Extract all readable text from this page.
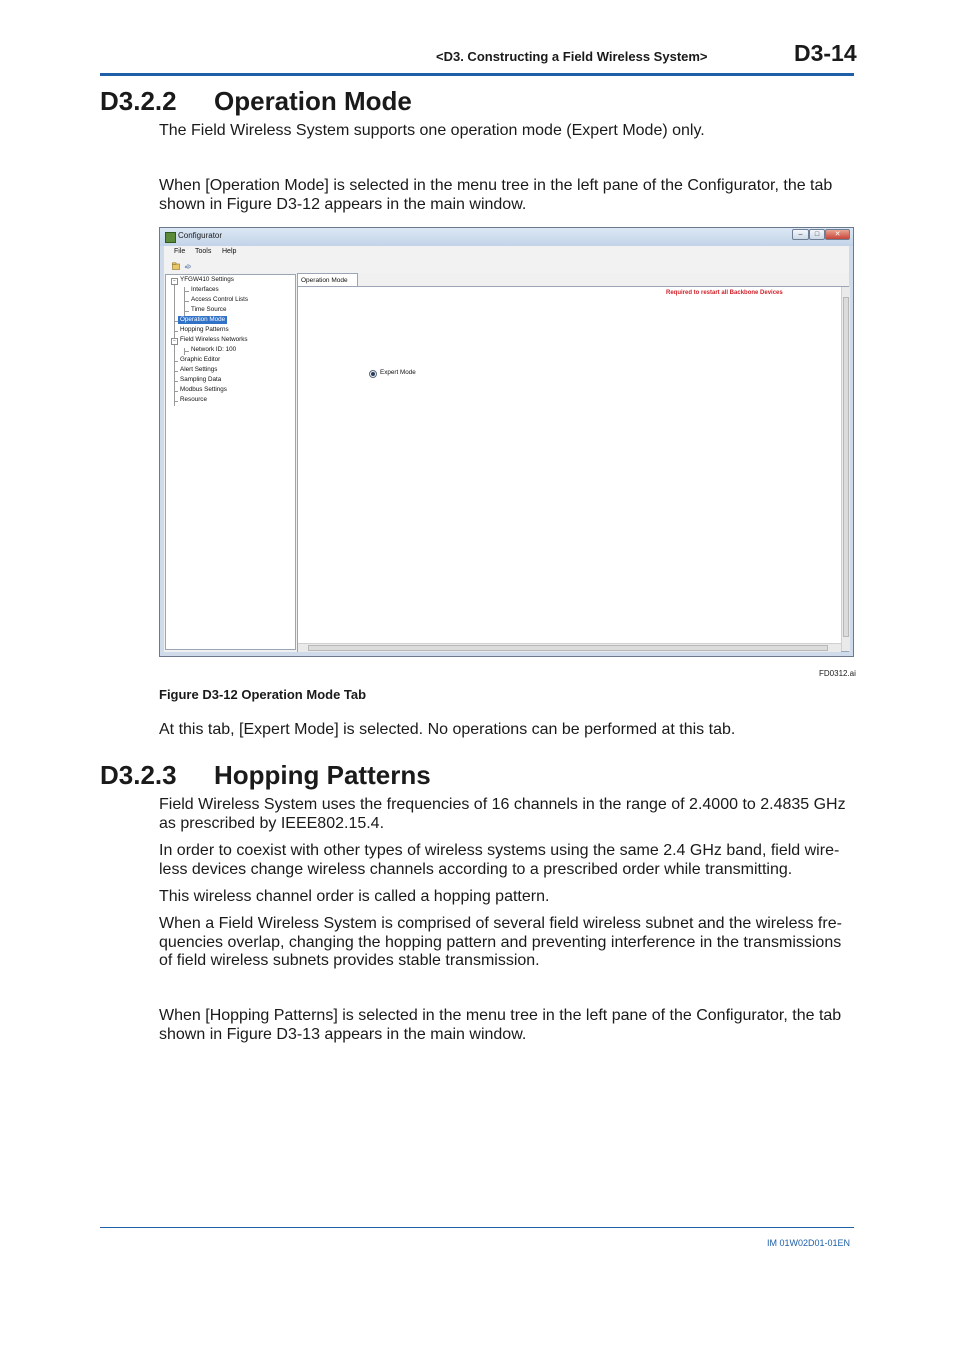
<D3. Constructing a Field Wireless System>	D3-14
D3.2.2 Operation Mode
The Field Wireless System supports one operation mode (Expert Mode) only.
When [Operation Mode] is selected in the menu tree in the left pane of the Configurator, the tab
shown in Figure D3-12 appears in the main window.
Configurator	–	□	✕
File Tools Help
− YFGW410 Settings
Interfaces
Access Control Lists
Time Source
Operation Mode
Hopping Patterns
− Field Wireless Networks
Network ID: 100
Graphic Editor
Alert Settings
Sampling Data
Modbus Settings
Resource
Operation Mode
Required to restart all Backbone Devices
Expert Mode
FD0312.ai
Figure D3-12 Operation Mode Tab
At this tab, [Expert Mode] is selected. No operations can be performed at this tab.
D3.2.3 Hopping Patterns
Field Wireless System uses the frequencies of 16 channels in the range of 2.4000 to 2.4835 GHz
as prescribed by IEEE802.15.4.
In order to coexist with other types of wireless systems using the same 2.4 GHz band, field wire-
less devices change wireless channels according to a prescribed order while transmitting.
This wireless channel order is called a hopping pattern.
When a Field Wireless System is comprised of several field wireless subnet and the wireless fre-
quencies overlap, changing the hopping pattern and preventing interference in the transmissions
of field wireless subnets provides stable transmission.
When [Hopping Patterns] is selected in the menu tree in the left pane of the Configurator, the tab
shown in Figure D3-13 appears in the main window.
IM 01W02D01-01EN
